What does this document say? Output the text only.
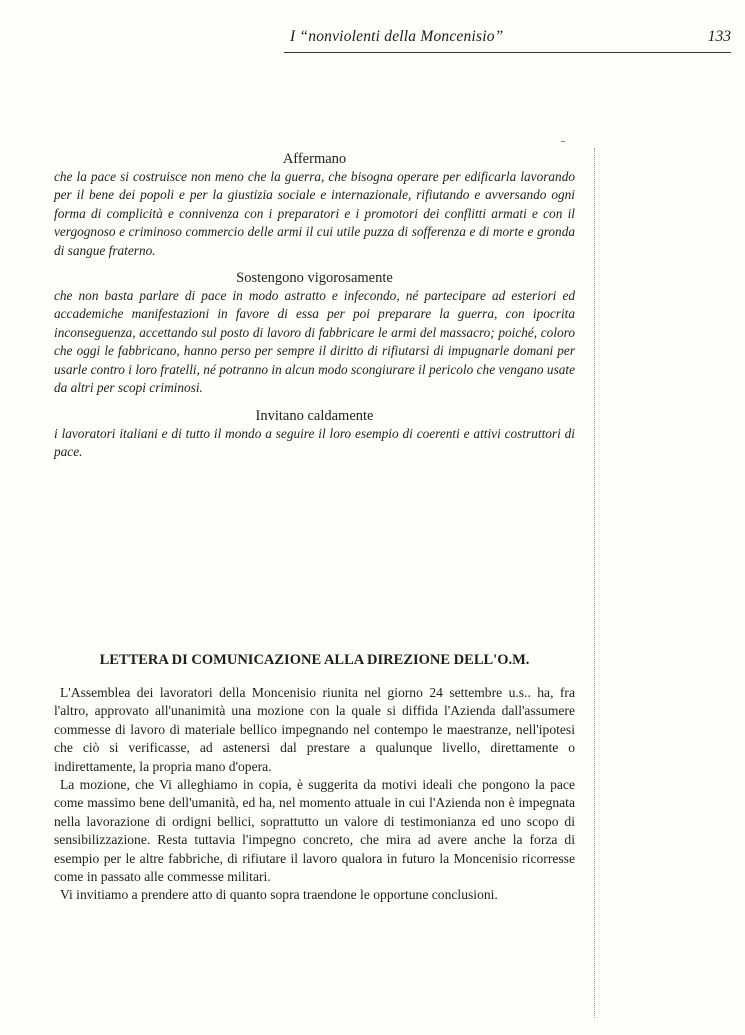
I “nonviolenti della Moncenisio”	133

Affermano

che la pace si costruisce non meno che la guerra, che bisogna operare per edificarla lavorando per il bene dei popoli e per la giustizia sociale e internazionale, rifiutando e avversando ogni forma di complicità e connivenza con i preparatori e i promotori dei conflitti armati e con il vergognoso e criminoso commercio delle armi il cui utile puzza di sofferenza e di morte e gronda di sangue fraterno.

Sostengono vigorosamente

che non basta parlare di pace in modo astratto e infecondo, né partecipare ad esteriori ed accademiche manifestazioni in favore di essa per poi preparare la guerra, con ipocrita inconseguenza, accettando sul posto di lavoro di fabbricare le armi del massacro; poiché, coloro che oggi le fabbricano, hanno perso per sempre il diritto di rifiutarsi di impugnarle domani per usarle contro i loro fratelli, né potranno in alcun modo scongiurare il pericolo che vengano usate da altri per scopi criminosi.

Invitano caldamente

i lavoratori italiani e di tutto il mondo a seguire il loro esempio di coerenti e attivi costruttori di pace.

LETTERA DI COMUNICAZIONE ALLA DIREZIONE DELL'O.M.

L'Assemblea dei lavoratori della Moncenisio riunita nel giorno 24 settembre u.s.. ha, fra l'altro, approvato all'unanimità una mozione con la quale si diffida l'Azienda dall'assumere commesse di lavoro di materiale bellico impegnando nel contempo le maestranze, nell'ipotesi che ciò si verificasse, ad astenersi dal prestare a qualunque livello, direttamente o indirettamente, la propria mano d'opera.

La mozione, che Vi alleghiamo in copia, è suggerita da motivi ideali che pongono la pace come massimo bene dell'umanità, ed ha, nel momento attuale in cui l'Azienda non è impegnata nella lavorazione di ordigni bellici, soprattutto un valore di testimonianza ed uno scopo di sensibilizzazione. Resta tuttavia l'impegno concreto, che mira ad avere anche la forza di esempio per le altre fabbriche, di rifiutare il lavoro qualora in futuro la Moncenisio ricorresse come in passato alle commesse militari.

Vi invitiamo a prendere atto di quanto sopra traendone le opportune conclusioni.
